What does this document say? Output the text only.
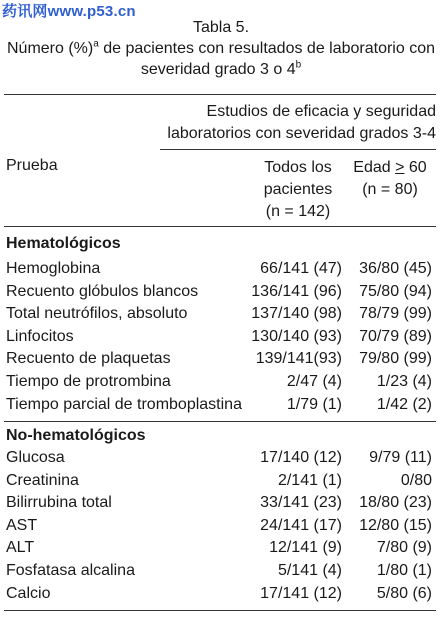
药讯网www.p53.cn
Tabla 5.
Número (%)$^a$ de pacientes con resultados de laboratorio con
severidad grado 3 o 4$^b$
Estudios de eficacia y seguridad
laboratorios con severidad grados 3-4
Prueba	Todos los
pacientes
(n = 142)
Edad > 60
(n = 80)
Hematológicos
Hemoglobina	66/141 (47) 36/80 (45)
Recuento glóbulos blancos	136/141 (96) 75/80 (94)
Total neutrófilos, absoluto	137/140 (98) 78/79 (99)
Linfocitos	130/140 (93) 70/79 (89)
Recuento de plaquetas	139/141(93) 79/80 (99)
Tiempo de protrombina	2/47 (4) 1/23 (4)
Tiempo parcial de tromboplastina	1/79 (1) 1/42 (2)
No-hematológicos
Glucosa	17/140 (12) 9/79 (11)
Creatinina	2/141 (1)	0/80
Bilirrubina total	33/141 (23) 18/80 (23)
AST	24/141 (17) 12/80 (15)
ALT	12/141 (9) 7/80 (9)
Fosfatasa alcalina	5/141 (4) 1/80 (1)
Calcio	17/141 (12) 5/80 (6)
